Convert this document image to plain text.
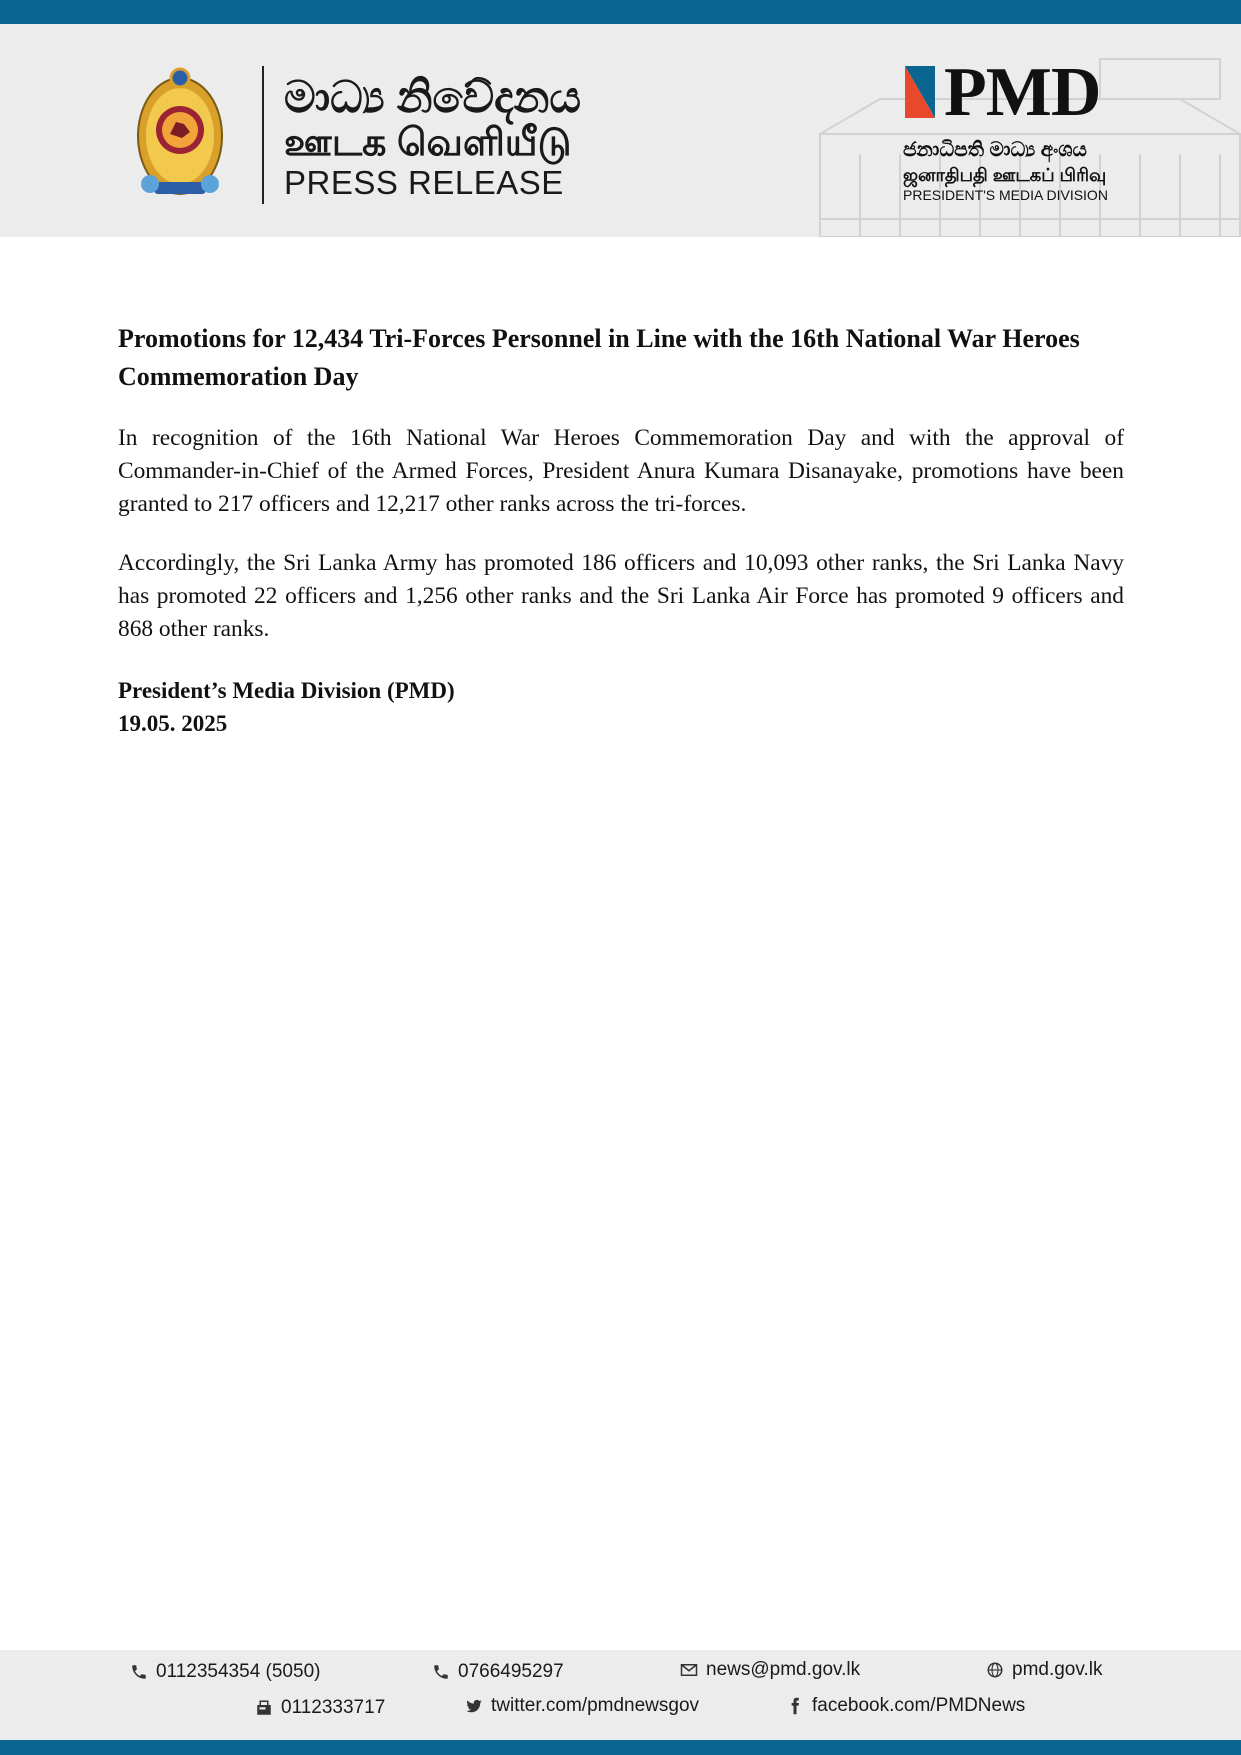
මාධ්‍ය නිවේදනය
ஊடக வெளியீடு
PRESS RELEASE
PMD
ජනාධිපති මාධ්‍ය අංශය
ஜனாதிபதி ஊடகப் பிரிவு
PRESIDENT'S MEDIA DIVISION
Promotions for 12,434 Tri-Forces Personnel in Line with the 16th National War Heroes Commemoration Day

In recognition of the 16th National War Heroes Commemoration Day and with the approval of Commander-in-Chief of the Armed Forces, President Anura Kumara Disanayake, promotions have been granted to 217 officers and 12,217 other ranks across the tri-forces.

Accordingly, the Sri Lanka Army has promoted 186 officers and 10,093 other ranks, the Sri Lanka Navy has promoted 22 officers and 1,256 other ranks and the Sri Lanka Air Force has promoted 9 officers and 868 other ranks.

President’s Media Division (PMD)
19.05. 2025

0112354354 (5050)	0766495297	news@pmd.gov.lk	pmd.gov.lk
0112333717	twitter.com/pmdnewsgov	facebook.com/PMDNews
